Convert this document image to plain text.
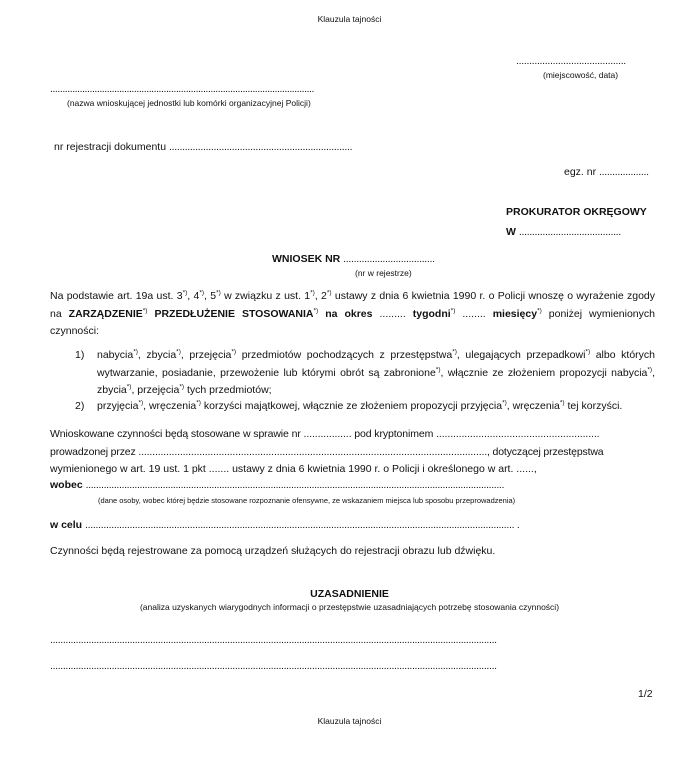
Klauzula tajności
..........................................
(miejscowość, data)
...........................................................................................................
(nazwa wnioskującej jednostki lub komórki organizacyjnej Policji)
nr rejestracji dokumentu ......................................................................
egz. nr ...................
PROKURATOR OKRĘGOWY
W .......................................
WNIOSEK NR ...................................
(nr w rejestrze)
Na podstawie art. 19a ust. 3*), 4*), 5*) w związku z ust. 1*), 2*) ustawy z dnia 6 kwietnia 1990 r. o Policji wnoszę o wyrażenie zgody na ZARZĄDZENIE*) PRZEDŁUŻENIE STOSOWANIA*) na okres ......... tygodni*) ........ miesięcy*) poniżej wymienionych czynności:
1) nabycia*), zbycia*), przejęcia*) przedmiotów pochodzących z przestępstwa*), ulegających przepadkowi*) albo których wytwarzanie, posiadanie, przewożenie lub którymi obrót są zabronione*), włącznie ze złożeniem propozycji nabycia*), zbycia*), przejęcia*) tych przedmiotów;
2) przyjęcia*), wręczenia*) korzyści majątkowej, włącznie ze złożeniem propozycji przyjęcia*), wręczenia*) tej korzyści.
Wnioskowane czynności będą stosowane w sprawie nr ................. pod kryptonimem ..........................................................
prowadzonej przez .............................................................................................................................., dotyczącej przestępstwa
wymienionego w art. 19 ust. 1 pkt ....... ustawy z dnia 6 kwietnia 1990 r. o Policji i określonego w art. ......,
wobec ...................................................................................................................................................................
(dane osoby, wobec której będzie stosowane rozpoznanie ofensywne, ze wskazaniem miejsca lub sposobu przeprowadzenia)
w celu .................................................................................................................................................................... .
Czynności będą rejestrowane za pomocą urządzeń służących do rejestracji obrazu lub dźwięku.
UZASADNIENIE
(analiza uzyskanych wiarygodnych informacji o przestępstwie uzasadniających potrzebę stosowania czynności)
..............................................................................................................................................................................
..............................................................................................................................................................................
1/2
Klauzula tajności
